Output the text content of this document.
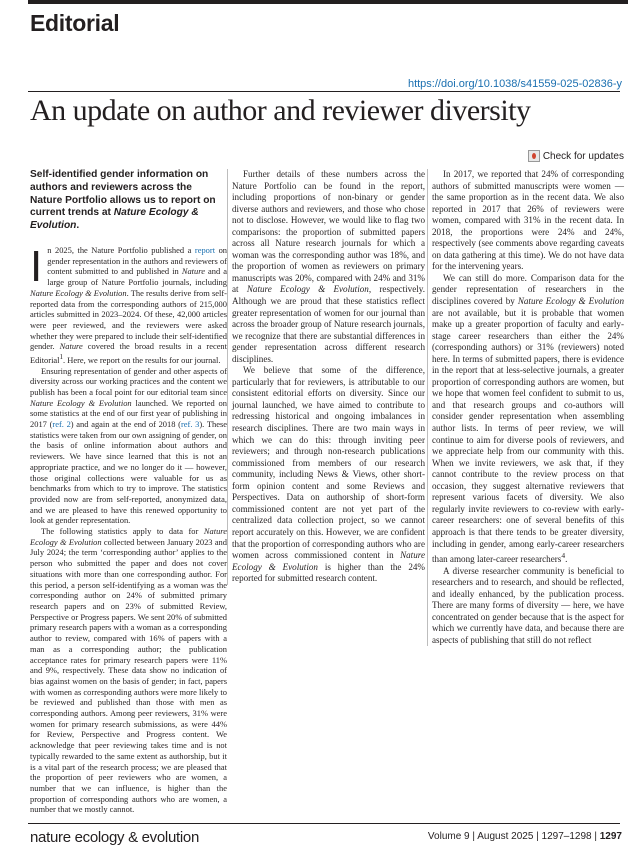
Editorial
https://doi.org/10.1038/s41559-025-02836-y
An update on author and reviewer diversity
Check for updates

Self-identified gender information on authors and reviewers across the Nature Portfolio allows us to report on current trends at Nature Ecology & Evolution.

I n 2025, the Nature Portfolio published a report on gender representation in the authors and reviewers of content submitted to and published in Nature and a large group of Nature Portfolio journals, including Nature Ecology & Evolution. The results derive from self-reported data from the corresponding authors of 215,000 articles submitted in 2023–2024. Of these, 42,000 articles were peer reviewed, and the reviewers were asked whether they were prepared to include their self-identified gender. Nature covered the broad results in a recent Editorial$^1$. Here, we report on the results for our journal.

Ensuring representation of gender and other aspects of diversity across our working practices and the content we publish has been a focal point for our editorial team since Nature Ecology & Evolution launched. We reported on some statistics at the end of our first year of publishing in 2017 (ref. 2) and again at the end of 2018 (ref. 3). These statistics were taken from our own assigning of gender, on the basis of online information about authors and reviewers. We have since learned that this is not an appropriate practice, and we no longer do it — however, those original collections were valuable for us as benchmarks from which to try to improve. The statistics provided now are from self-reported, anonymized data, and we are pleased to have this renewed opportunity to look at gender representation.

The following statistics apply to data for Nature Ecology & Evolution collected between January 2023 and July 2024; the term ‘corresponding author’ applies to the person who submitted the paper and does not cover situations with more than one corresponding author. For this period, a person self-identifying as a woman was the corresponding author on 24% of submitted primary research papers and on 23% of submitted Review, Perspective or Progress papers. We sent 20% of submitted primary research papers with a woman as a corresponding author to review, compared with 16% of papers with a man as a corresponding author; the publication acceptance rates for primary research papers were 11% and 9%, respectively. These data show no indication of bias against women on the basis of gender; in fact, papers with women as corresponding authors were more likely to be reviewed and published than those with men as corresponding authors. Among peer reviewers, 31% were women for primary research submissions, as were 44% for Review, Perspective and Progress content. We acknowledge that peer reviewing takes time and is not typically rewarded to the same extent as authorship, but it is a vital part of the research process; we are pleased that the proportion of peer reviewers who are women, a number that we can influence, is higher than the proportion of corresponding authors who are women, a number that we mostly cannot.

Further details of these numbers across the Nature Portfolio can be found in the report, including proportions of non-binary or gender diverse authors and reviewers, and those who chose not to disclose. However, we would like to flag two comparisons: the proportion of submitted papers across all Nature research journals for which a woman was the corresponding author was 18%, and the proportion of women as reviewers on primary manuscripts was 20%, compared with 24% and 31% at Nature Ecology & Evolution, respectively. Although we are proud that these statistics reflect greater representation of women for our journal than across the broader group of Nature research journals, we recognize that there are substantial differences in gender representation across different research disciplines.

We believe that some of the difference, particularly that for reviewers, is attributable to our consistent editorial efforts on diversity. Since our journal launched, we have aimed to contribute to redressing historical and ongoing imbalances in research disciplines. There are two main ways in which we can do this: through inviting peer reviewers; and through non-research publications commissioned from members of our research community, including News & Views, other short-form opinion content and some Reviews and Perspectives. Data on authorship of short-form commissioned content are not yet part of the centralized data collection project, so we cannot report accurately on this. However, we are confident that the proportion of corresponding authors who are women across commissioned content in Nature Ecology & Evolution is higher than the 24% reported for submitted research content.

In 2017, we reported that 24% of corresponding authors of submitted manuscripts were women — the same proportion as in the recent data. We also reported in 2017 that 26% of reviewers were women, compared with 31% in the recent data. In 2018, the proportions were 24% and 24%, respectively (see comments above regarding caveats on data gathering at this time). We do not have data for the intervening years.

We can still do more. Comparison data for the gender representation of researchers in the disciplines covered by Nature Ecology & Evolution are not available, but it is probable that women make up a greater proportion of faculty and early-stage career researchers than either the 24% (corresponding authors) or 31% (reviewers) noted here. In terms of submitted papers, there is evidence in the report that at less-selective journals, a greater proportion of corresponding authors are women, but we hope that women feel confident to submit to us, and that research groups and co-authors will consider gender representation when assembling author lists. In terms of peer review, we will continue to aim for diverse pools of reviewers, and we appreciate help from our community with this. When we invite reviewers, we ask that, if they cannot contribute to the review process on that occasion, they suggest alternative reviewers that represent various facets of diversity. We also regularly invite reviewers to co-review with early-career researchers: one of several benefits of this approach is that there tends to be greater diversity, including in gender, among early-career researchers than among later-career researchers$^4$.

A diverse researcher community is beneficial to researchers and to research, and should be reflected, and ideally enhanced, by the publication process. There are many forms of diversity — here, we have concentrated on gender because that is the aspect for which we currently have data, and because there are aspects of publishing that still do not reflect

nature ecology & evolution	Volume 9 | August 2025 | 1297–1298 | 1297
